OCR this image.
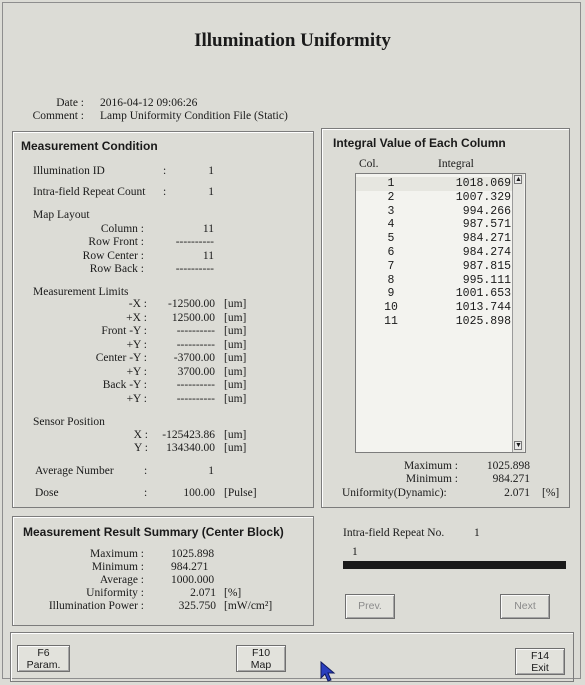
Illumination Uniformity
Date : 2016-04-12 09:06:26
Comment : Lamp Uniformity Condition File (Static)
Measurement Condition
Illumination ID	:	1
Intra-field Repeat Count :	1
Map Layout
Column :	11
Row Front :	----------
Row Center :	11
Row Back :	----------
Measurement Limits
-X :	-12500.00 [um]
+X :	12500.00 [um]
Front -Y :	---------- [um]
+Y :	---------- [um]
Center -Y :	-3700.00 [um]
+Y :	3700.00 [um]
Back -Y :	---------- [um]
+Y :	---------- [um]
Sensor Position
X :	-125423.86 [um]
Y :	134340.00 [um]
Average Number	:	1
Dose	:	100.00 [Pulse]
Integral Value of Each Column
Col.	Integral
1	1018.069
2	1007.329
3	994.266
4	987.571
5	984.271
6	984.274
7	987.815
8	995.111
9	1001.653
10	1013.744
11	1025.898
▲
▼
Maximum :	1025.898
Minimum :	984.271
Uniformity(Dynamic):	2.071 [%]
Measurement Result Summary (Center Block)
Maximum : 1025.898
Minimum : 984.271
Average : 1000.000
Uniformity :	2.071 [%]
Illumination Power :	325.750 [mW/cm²]
Intra-field Repeat No.	1
1
Prev.	Next
F6
Param.
F10
Map
F14
Exit
